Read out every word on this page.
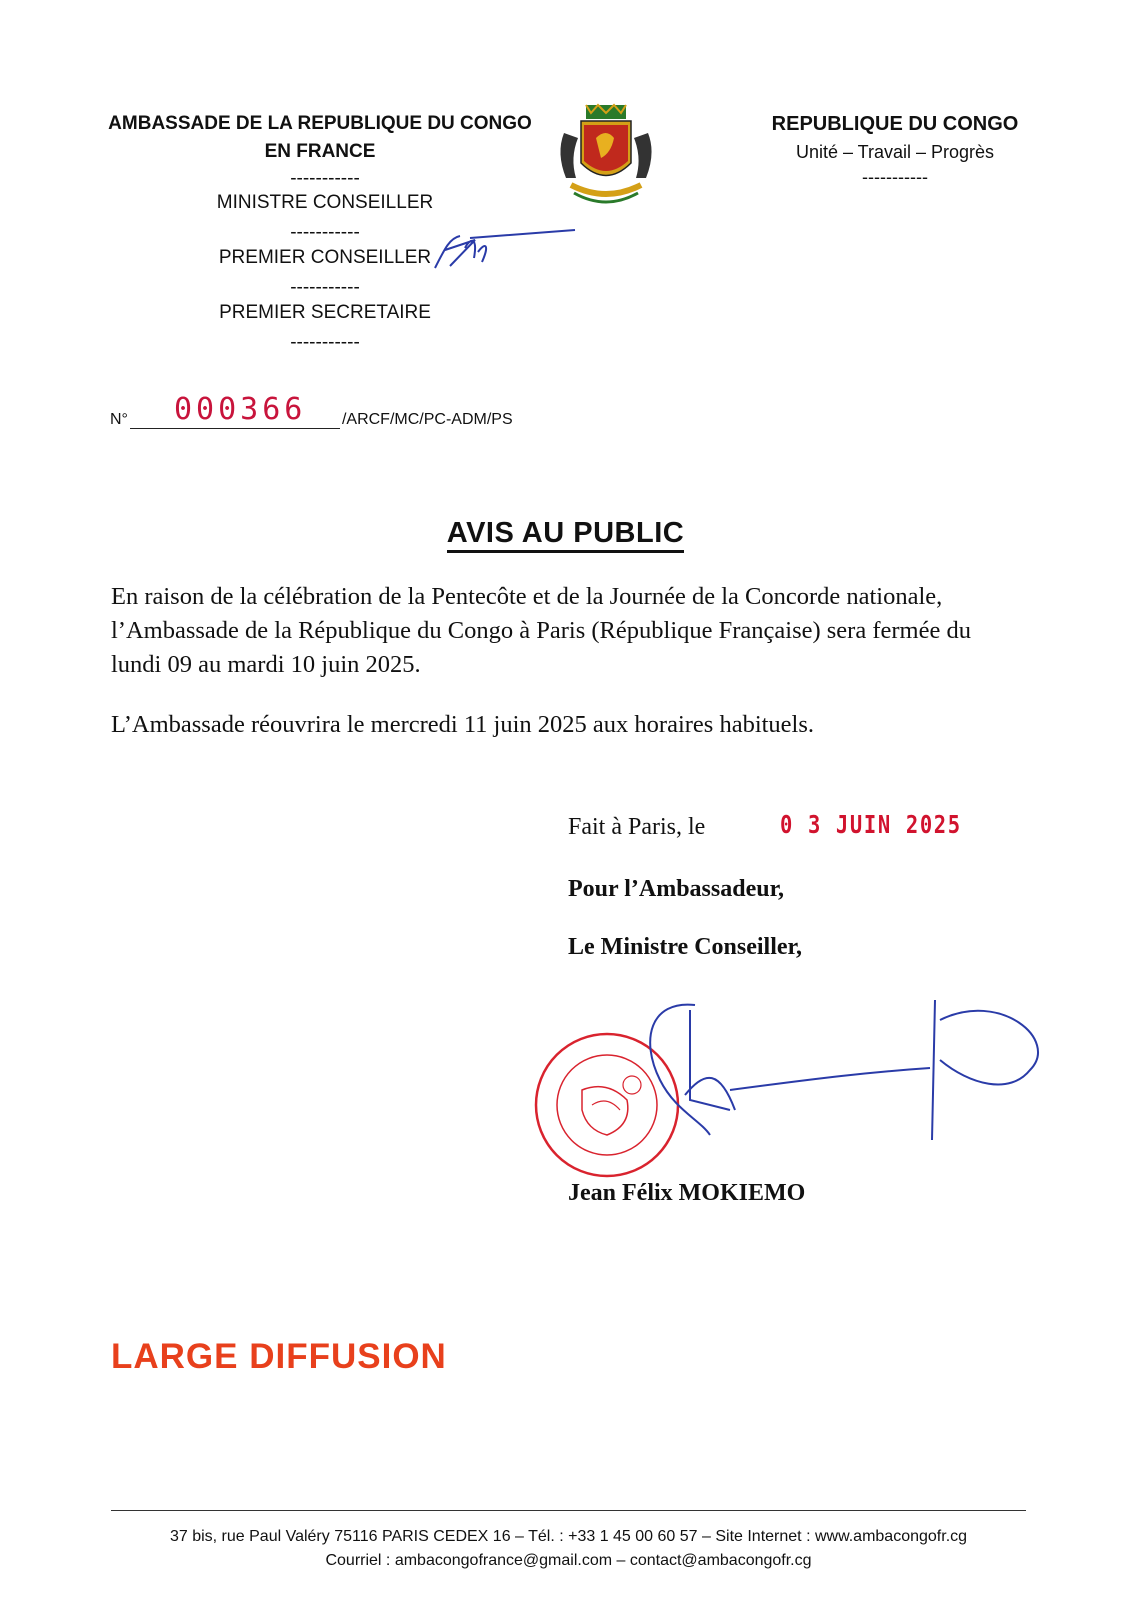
AMBASSADE DE LA REPUBLIQUE DU CONGO
EN FRANCE
-----------
MINISTRE CONSEILLER
-----------
PREMIER CONSEILLER
-----------
PREMIER SECRETAIRE
-----------
REPUBLIQUE DU CONGO
Unité – Travail – Progrès
-----------
N°	/ARCF/MC/PC-ADM/PS
000366
AVIS AU PUBLIC
En raison de la célébration de la Pentecôte et de la Journée de la Concorde nationale, l’Ambassade de la République du Congo à Paris (République Française) sera fermée du lundi 09 au mardi 10 juin 2025.
L’Ambassade réouvrira le mercredi 11 juin 2025 aux horaires habituels.
Fait à Paris, le	0 3 JUIN 2025
Pour l’Ambassadeur,
Le Ministre Conseiller,
Jean Félix MOKIEMO
LARGE DIFFUSION
37 bis, rue Paul Valéry 75116 PARIS CEDEX 16 – Tél. : +33 1 45 00 60 57 – Site Internet : www.ambacongofr.cg
Courriel : ambacongofrance@gmail.com – contact@ambacongofr.cg
